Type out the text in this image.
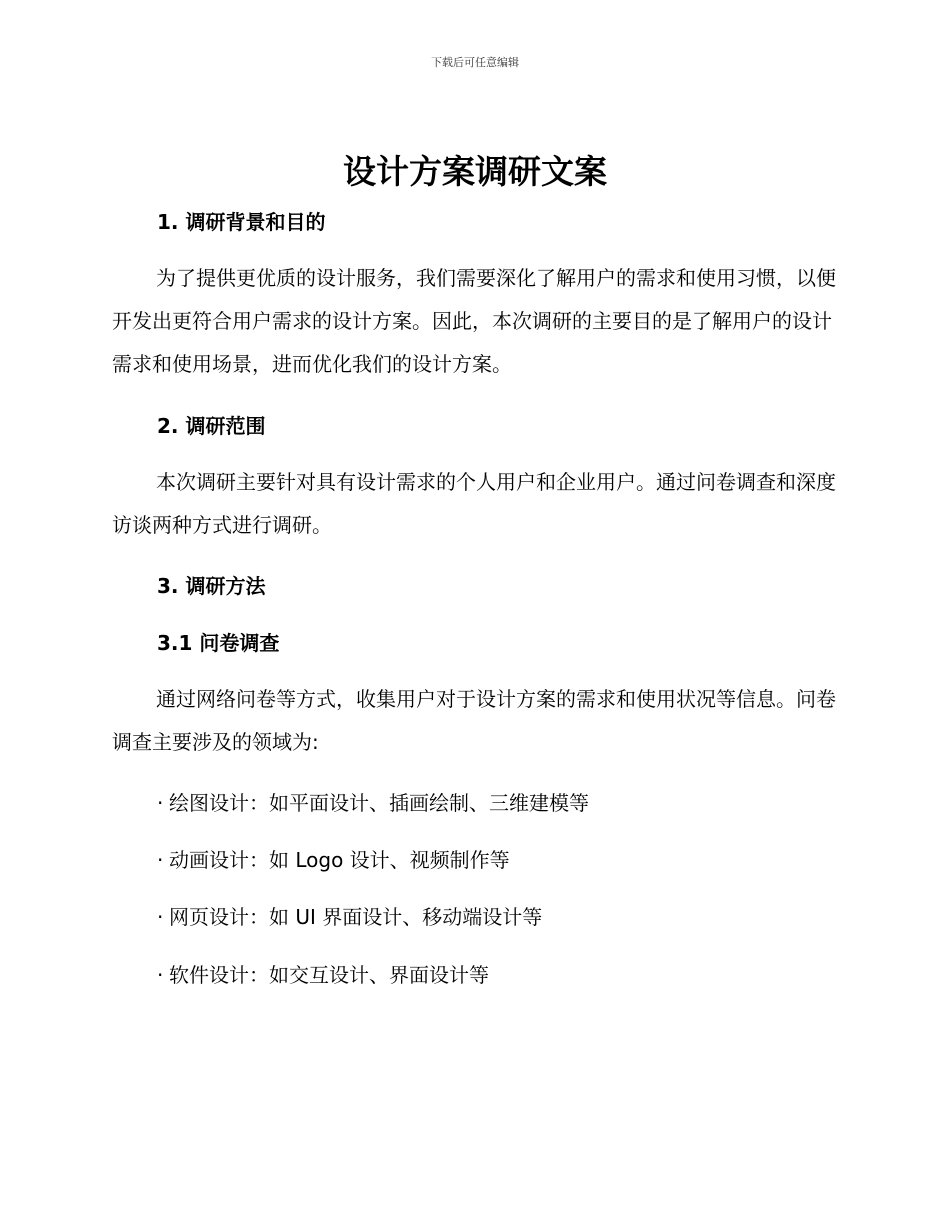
下载后可任意编辑
设计方案调研文案
1. 调研背景和目的

为了提供更优质的设计服务，我们需要深化了解用户的需求和使用习惯，以便开发出更符合用户需求的设计方案。因此，本次调研的主要目的是了解用户的设计需求和使用场景，进而优化我们的设计方案。

2. 调研范围

本次调研主要针对具有设计需求的个人用户和企业用户。通过问卷调查和深度访谈两种方式进行调研。

3. 调研方法
3.1 问卷调查

通过网络问卷等方式，收集用户对于设计方案的需求和使用状况等信息。问卷调查主要涉及的领域为:

· 绘图设计：如平面设计、插画绘制、三维建模等
· 动画设计：如 Logo 设计、视频制作等
· 网页设计：如 UI 界面设计、移动端设计等
· 软件设计：如交互设计、界面设计等
